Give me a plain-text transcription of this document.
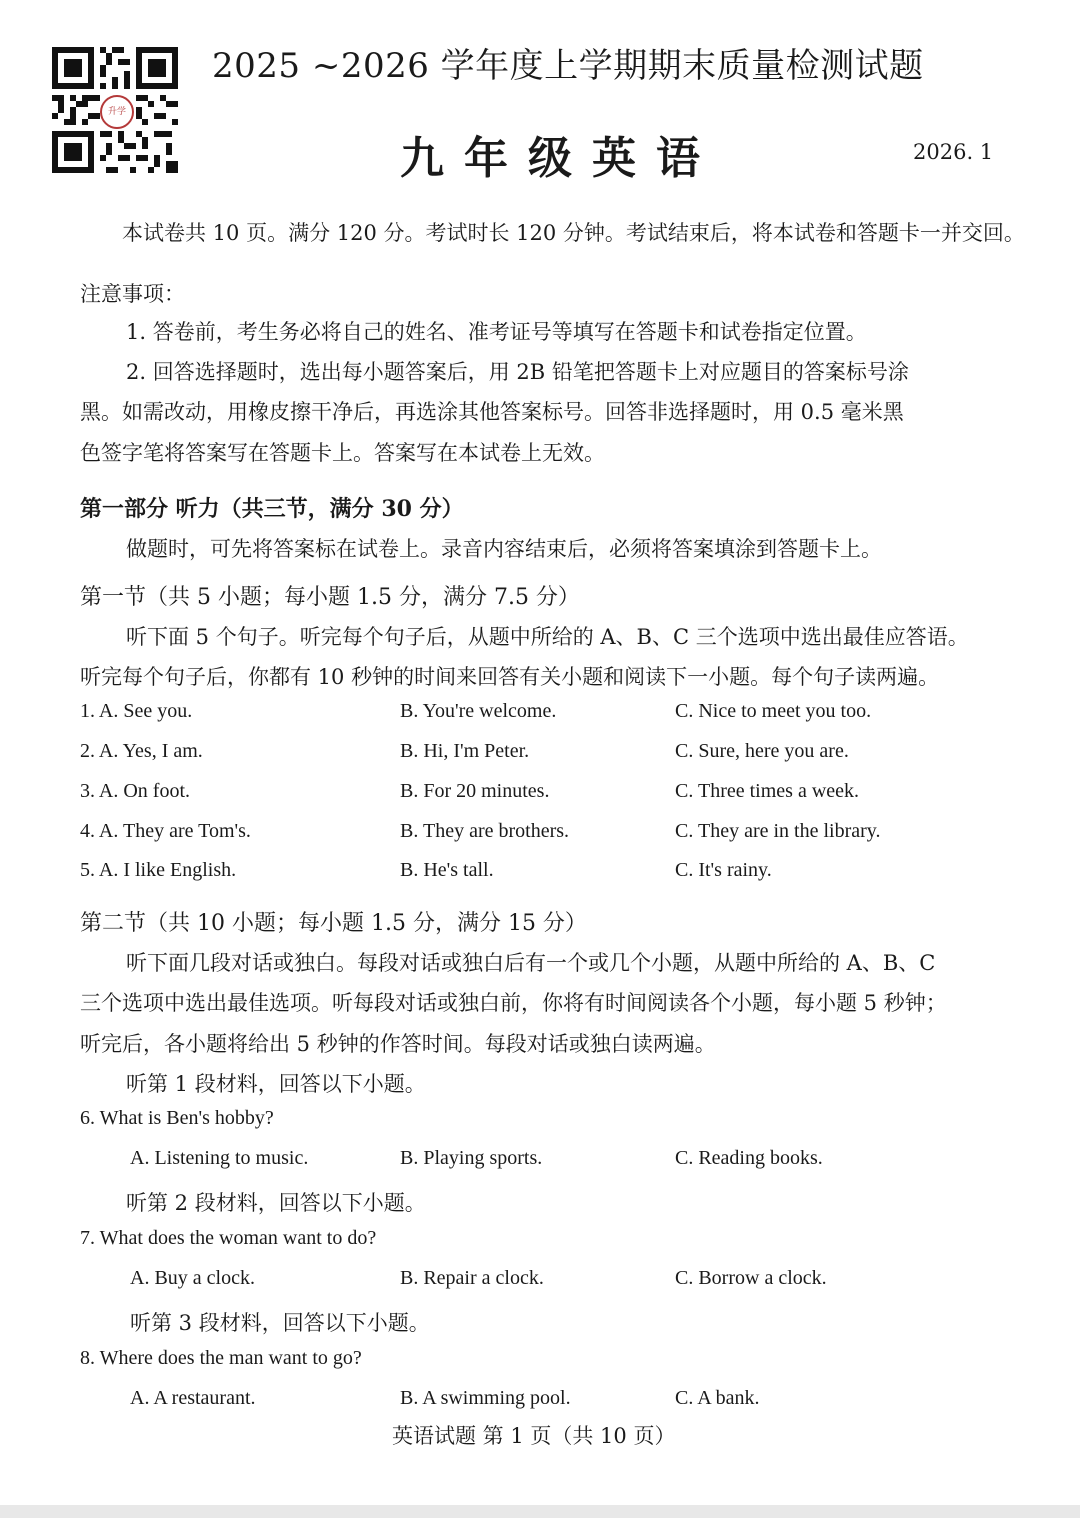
升学
2025 ~2026 学年度上学期期末质量检测试题
九年级英语	2026. 1
本试卷共 10 页。满分 120 分。考试时长 120 分钟。考试结束后，将本试卷和答题卡一并交回。
注意事项：
1. 答卷前，考生务必将自己的姓名、准考证号等填写在答题卡和试卷指定位置。
2. 回答选择题时，选出每小题答案后，用 2B 铅笔把答题卡上对应题目的答案标号涂
黑。如需改动，用橡皮擦干净后，再选涂其他答案标号。回答非选择题时，用 0.5 毫米黑
色签字笔将答案写在答题卡上。答案写在本试卷上无效。
第一部分 听力（共三节，满分 30 分）
做题时，可先将答案标在试卷上。录音内容结束后，必须将答案填涂到答题卡上。
第一节（共 5 小题；每小题 1.5 分，满分 7.5 分）
听下面 5 个句子。听完每个句子后，从题中所给的 A、B、C 三个选项中选出最佳应答语。
听完每个句子后，你都有 10 秒钟的时间来回答有关小题和阅读下一小题。每个句子读两遍。
1. A. See you.	B. You're welcome.	C. Nice to meet you too.
2. A. Yes, I am.	B. Hi, I'm Peter.	C. Sure, here you are.
3. A. On foot.	B. For 20 minutes.	C. Three times a week.
4. A. They are Tom's.	B. They are brothers.	C. They are in the library.
5. A. I like English.	B. He's tall.	C. It's rainy.
第二节（共 10 小题；每小题 1.5 分，满分 15 分）
听下面几段对话或独白。每段对话或独白后有一个或几个小题，从题中所给的 A、B、C
三个选项中选出最佳选项。听每段对话或独白前，你将有时间阅读各个小题，每小题 5 秒钟；
听完后，各小题将给出 5 秒钟的作答时间。每段对话或独白读两遍。
听第 1 段材料，回答以下小题。
6. What is Ben's hobby?
A. Listening to music.	B. Playing sports.	C. Reading books.
听第 2 段材料，回答以下小题。
7. What does the woman want to do?
A. Buy a clock.	B. Repair a clock.	C. Borrow a clock.
听第 3 段材料，回答以下小题。
8. Where does the man want to go?
A. A restaurant.	B. A swimming pool.	C. A bank.
英语试题 第 1 页（共 10 页）
